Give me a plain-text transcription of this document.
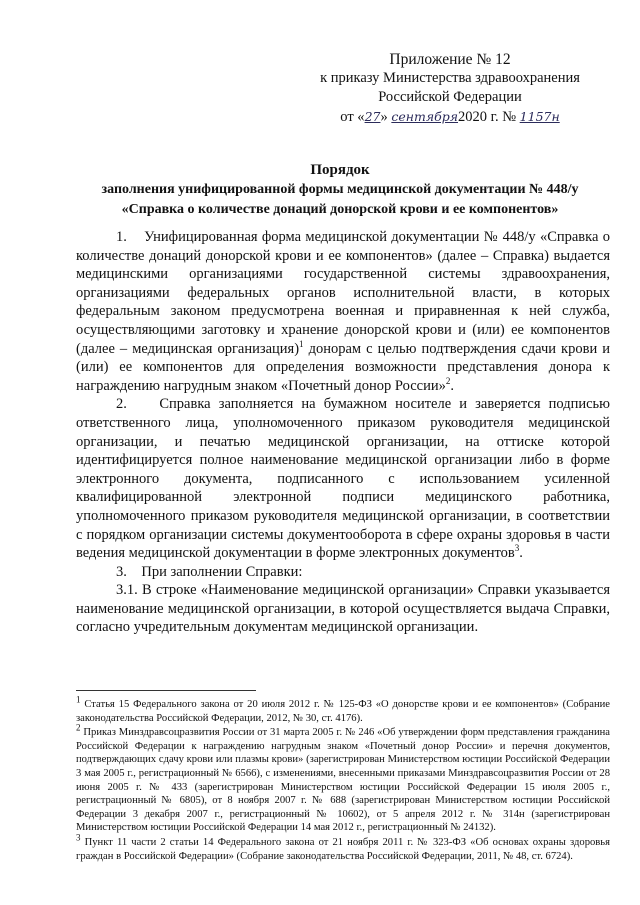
Приложение № 12
к приказу Министерства здравоохранения
Российской Федерации
от «27» сентября2020 г. № 1157н
Порядок
заполнения унифицированной формы медицинской документации № 448/у
«Справка о количестве донаций донорской крови и ее компонентов»

1.    Унифицированная форма медицинской документации № 448/у «Справка о количестве донаций донорской крови и ее компонентов» (далее – Справка) выдается медицинскими организациями государственной системы здравоохранения, организациями федеральных органов исполнительной власти, в которых федеральным законом предусмотрена военная и приравненная к ней служба, осуществляющими заготовку и хранение донорской крови и (или) ее компонентов (далее – медицинская организация)$^1$ донорам с целью подтверждения сдачи крови и (или) ее компонентов для определения возможности представления донора к награждению нагрудным знаком «Почетный донор России»$^2$.

2.    Справка заполняется на бумажном носителе и заверяется подписью ответственного лица, уполномоченного приказом руководителя медицинской организации, и печатью медицинской организации, на оттиске которой идентифицируется полное наименование медицинской организации либо в форме электронного документа, подписанного с использованием усиленной квалифицированной электронной подписи медицинского работника, уполномоченного приказом руководителя медицинской организации, в соответствии с порядком организации системы документооборота в сфере охраны здоровья в части ведения медицинской документации в форме электронных документов$^3$.

3.    При заполнении Справки:

3.1. В строке «Наименование медицинской организации» Справки указывается наименование медицинской организации, в которой осуществляется выдача Справки, согласно учредительным документам медицинской организации.

$^1$ Статья 15 Федерального закона от 20 июля 2012 г. № 125-ФЗ «О донорстве крови и ее компонентов» (Собрание законодательства Российской Федерации, 2012, № 30, ст. 4176).

$^2$ Приказ Минздравсоцразвития России от 31 марта 2005 г. № 246 «Об утверждении форм представления гражданина Российской Федерации к награждению нагрудным знаком «Почетный донор России» и перечня документов, подтверждающих сдачу крови или плазмы крови» (зарегистрирован Министерством юстиции Российской Федерации 3 мая 2005 г., регистрационный № 6566), с изменениями, внесенными приказами Минздравсоцразвития России от 28 июня 2005 г. № 433 (зарегистрирован Министерством юстиции Российской Федерации 15 июля 2005 г., регистрационный № 6805), от 8 ноября 2007 г. № 688 (зарегистрирован Министерством юстиции Российской Федерации 3 декабря 2007 г., регистрационный № 10602), от 5 апреля 2012 г. № 314н (зарегистрирован Министерством юстиции Российской Федерации 14 мая 2012 г., регистрационный № 24132).

$^3$ Пункт 11 части 2 статьи 14 Федерального закона от 21 ноября 2011 г. № 323-ФЗ «Об основах охраны здоровья граждан в Российской Федерации» (Собрание законодательства Российской Федерации, 2011, № 48, ст. 6724).
